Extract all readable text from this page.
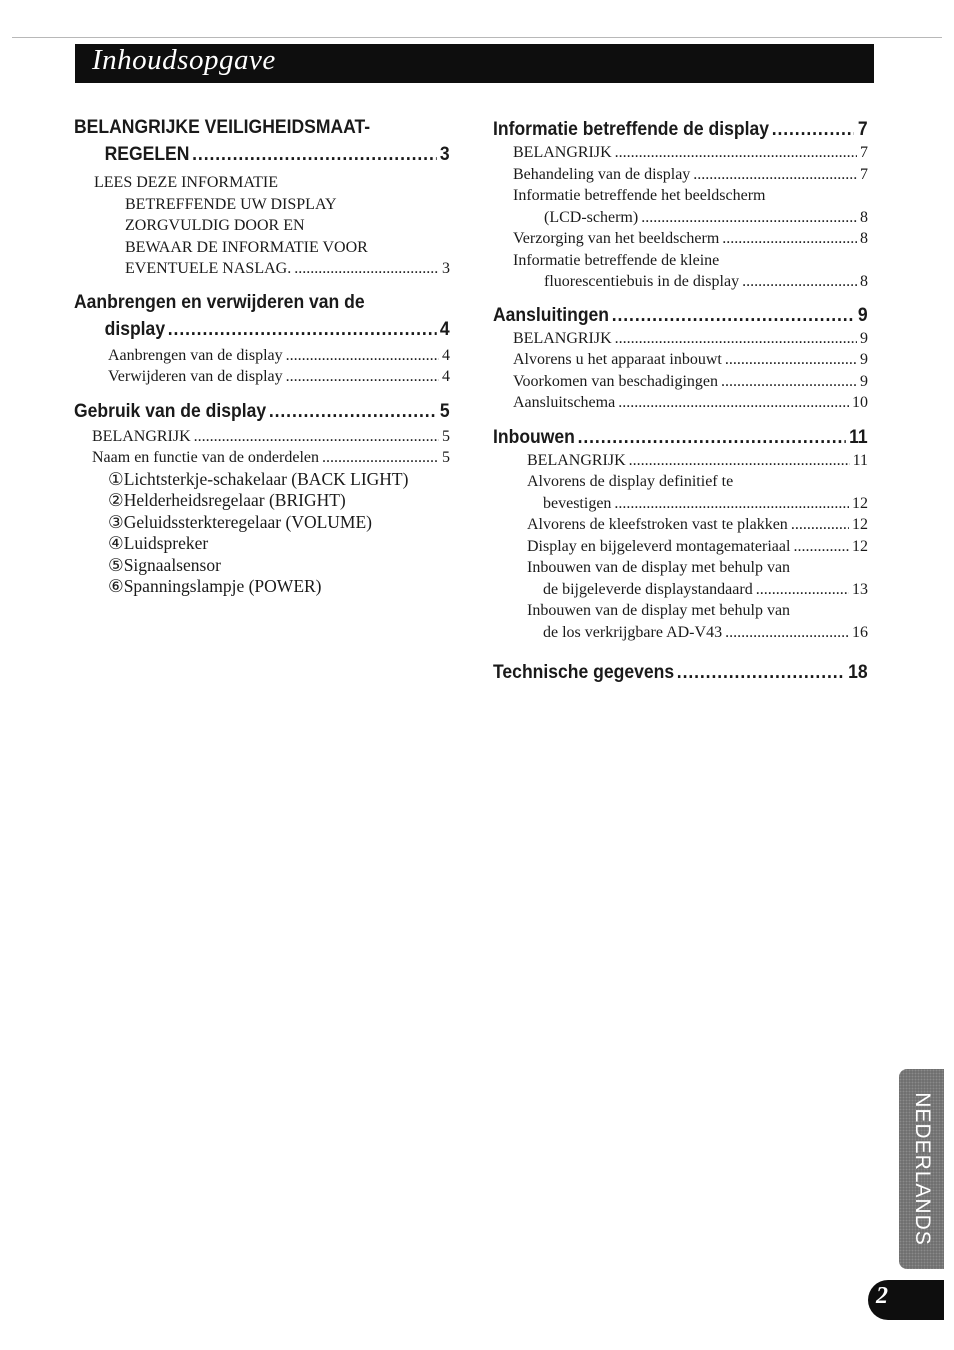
Inhoudsopgave
BELANGRIJKE VEILIGHEIDSMAAT-
REGELEN .....	3
LEES DEZE INFORMATIE
BETREFFENDE UW DISPLAY
ZORGVULDIG DOOR EN
BEWAAR DE INFORMATIE VOOR
EVENTUELE NASLAG. .....	3
Aanbrengen en verwijderen van de
display .....	4
Aanbrengen van de display .....	4
Verwijderen van de display .....	4
Gebruik van de display .....	5
BELANGRIJK .....	5
Naam en functie van de onderdelen .....	5
①Lichtsterkje-schakelaar (BACK LIGHT)
②Helderheidsregelaar (BRIGHT)
③Geluidssterkteregelaar (VOLUME)
④Luidspreker
⑤Signaalsensor
⑥Spanningslampje (POWER)
Informatie betreffende de display .....	7
BELANGRIJK .....	7
Behandeling van de display .....	7
Informatie betreffende het beeldscherm
(LCD-scherm) .....	8
Verzorging van het beeldscherm .....	8
Informatie betreffende de kleine
fluorescentiebuis in de display .....	8
Aansluitingen .....	9
BELANGRIJK .....	9
Alvorens u het apparaat inbouwt .....	9
Voorkomen van beschadigingen .....	9
Aansluitschema .....	10
Inbouwen .....	11
BELANGRIJK .....	11
Alvorens de display definitief te
bevestigen .....	12
Alvorens de kleefstroken vast te plakken .....	12
Display en bijgeleverd montagemateriaal .....	12
Inbouwen van de display met behulp van
de bijgeleverde displaystandaard .....	13
Inbouwen van de display met behulp van
de los verkrijgbare AD-V43 .....	16
Technische gegevens .....	18
NEDERLANDS
2
